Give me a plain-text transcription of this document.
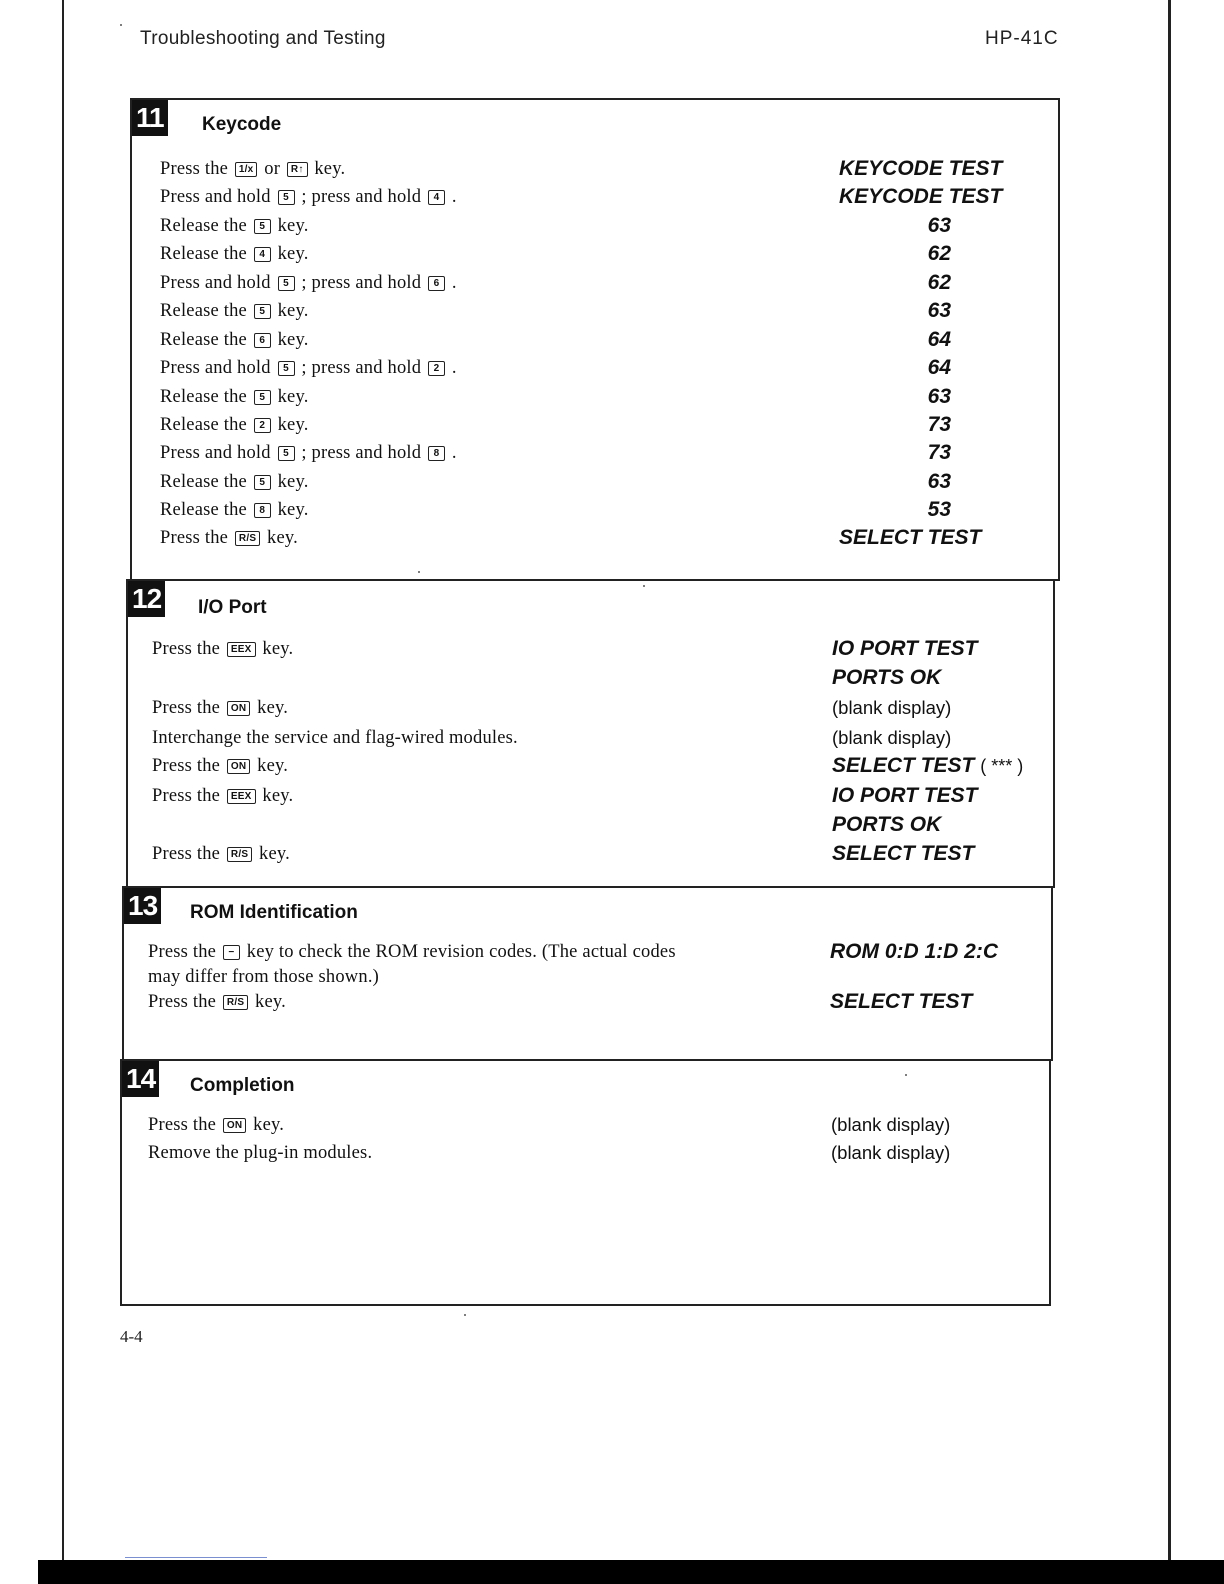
Troubleshooting and Testing	HP-41C
11 Keycode
Press the 1/x or R↑ key.	KEYCODE TEST
Press and hold 5 ; press and hold 4 .	KEYCODE TEST
Release the 5 key.	63
Release the 4 key.	62
Press and hold 5 ; press and hold 6 .	62
Release the 5 key.	63
Release the 6 key.	64
Press and hold 5 ; press and hold 2 .	64
Release the 5 key.	63
Release the 2 key.	73
Press and hold 5 ; press and hold 8 .	73
Release the 5 key.	63
Release the 8 key.	53
Press the R/S key.	SELECT TEST
12 I/O Port
Press the EEX key.	IO PORT TEST
PORTS OK
Press the ON key.	(blank display)
Interchange the service and flag-wired modules.	(blank display)
Press the ON key.	SELECT TEST ( *** )
Press the EEX key.	IO PORT TEST
PORTS OK
Press the R/S key.	SELECT TEST
13 ROM Identification
Press the − key to check the ROM revision codes. (The actual codes	ROM 0:D 1:D 2:C
may differ from those shown.)
Press the R/S key.	SELECT TEST
14 Completion
Press the ON key.	(blank display)
Remove the plug-in modules.	(blank display)
4-4
